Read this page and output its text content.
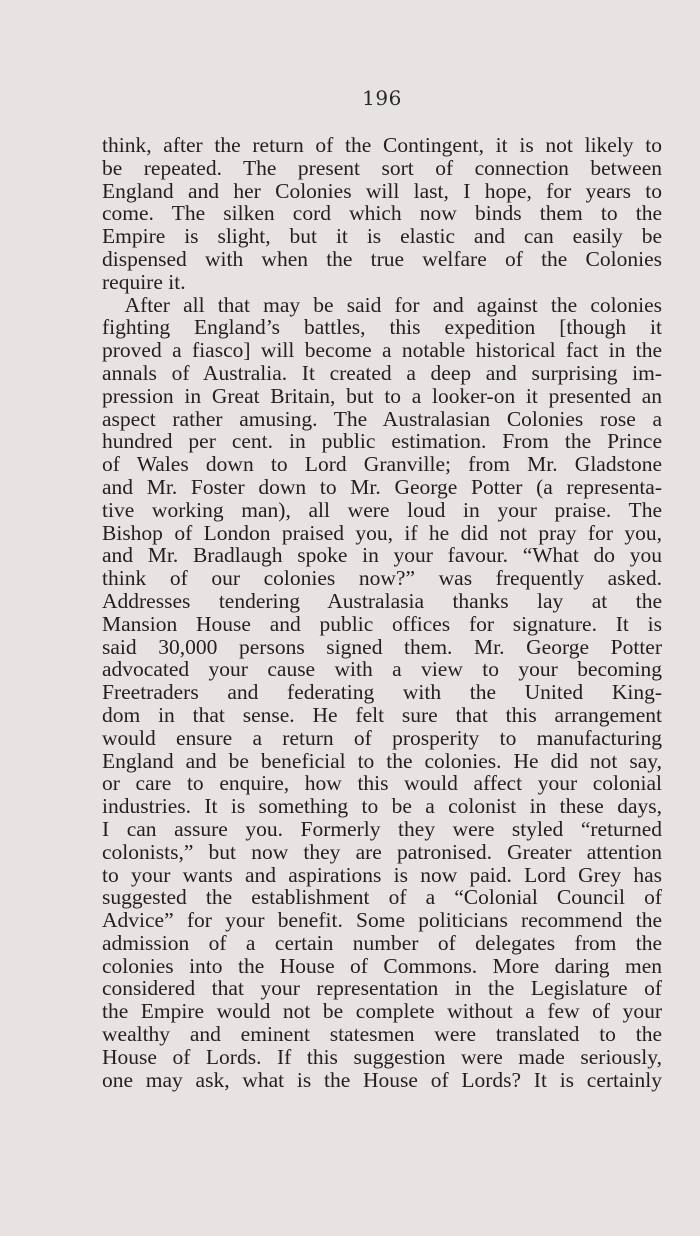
196
think, after the return of the Contingent, it is not likely to
be repeated. The present sort of connection between
England and her Colonies will last, I hope, for years to
come. The silken cord which now binds them to the
Empire is slight, but it is elastic and can easily be
dispensed with when the true welfare of the Colonies
require it.
After all that may be said for and against the colonies
fighting England’s battles, this expedition [though it
proved a fiasco] will become a notable historical fact in the
annals of Australia. It created a deep and surprising im-
pression in Great Britain, but to a looker-on it presented an
aspect rather amusing. The Australasian Colonies rose a
hundred per cent. in public estimation. From the Prince
of Wales down to Lord Granville; from Mr. Gladstone
and Mr. Foster down to Mr. George Potter (a representa-
tive working man), all were loud in your praise. The
Bishop of London praised you, if he did not pray for you,
and Mr. Bradlaugh spoke in your favour. “What do you
think of our colonies now?” was frequently asked.
Addresses tendering Australasia thanks lay at the
Mansion House and public offices for signature. It is
said 30,000 persons signed them. Mr. George Potter
advocated your cause with a view to your becoming
Freetraders and federating with the United King-
dom in that sense. He felt sure that this arrangement
would ensure a return of prosperity to manufacturing
England and be beneficial to the colonies. He did not say,
or care to enquire, how this would affect your colonial
industries. It is something to be a colonist in these days,
I can assure you. Formerly they were styled “returned
colonists,” but now they are patronised. Greater attention
to your wants and aspirations is now paid. Lord Grey has
suggested the establishment of a “Colonial Council of
Advice” for your benefit. Some politicians recommend the
admission of a certain number of delegates from the
colonies into the House of Commons. More daring men
considered that your representation in the Legislature of
the Empire would not be complete without a few of your
wealthy and eminent statesmen were translated to the
House of Lords. If this suggestion were made seriously,
one may ask, what is the House of Lords? It is certainly
